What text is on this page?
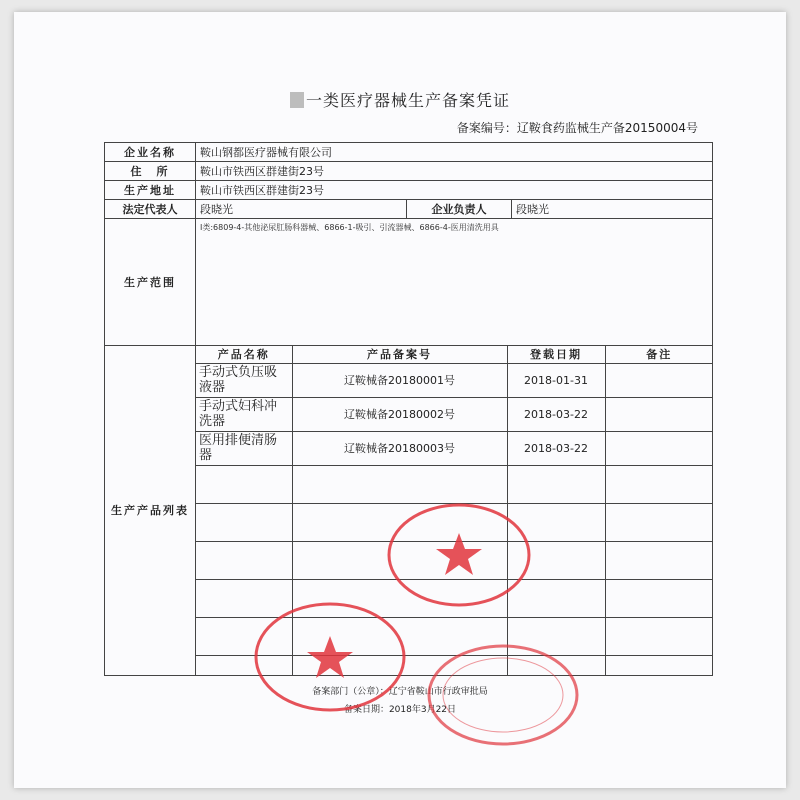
一类医疗器械生产备案凭证
备案编号：辽鞍食药监械生产备20150004号
企业名称	鞍山钢都医疗器械有限公司
住　所	鞍山市铁西区群建街23号
生产地址	鞍山市铁西区群建街23号
法定代表人	段晓光	企业负责人	段晓光
生产范围	Ⅰ类:6809-4-其他泌尿肛肠科器械、6866-1-吸引、引流器械、6866-4-医用清洗用具
生产产品列表	
产品名称	产品备案号	登载日期	备注
手动式负压吸液器	辽鞍械备20180001号	2018-01-31	
手动式妇科冲洗器	辽鞍械备20180002号	2018-03-22	
医用排便清肠器	辽鞍械备20180003号	2018-03-22	

备案部门（公章）：辽宁省鞍山市行政审批局
备案日期：2018年3月22日
